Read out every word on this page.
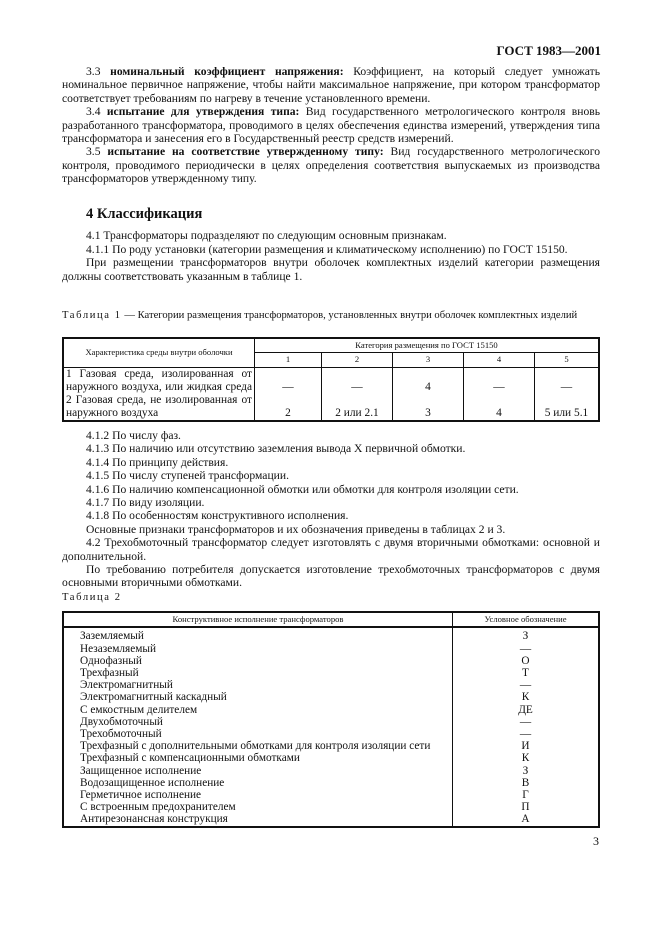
ГОСТ 1983—2001

3.3 номинальный коэффициент напряжения: Коэффициент, на который следует умножать номинальное первичное напряжение, чтобы найти максимальное напряжение, при котором трансформатор соответствует требованиям по нагреву в течение установленного времени.

3.4 испытание для утверждения типа: Вид государственного метрологического контроля вновь разработанного трансформатора, проводимого в целях обеспечения единства измерений, утверждения типа трансформатора и занесения его в Государственный реестр средств измерений.

3.5 испытание на соответствие утвержденному типу: Вид государственного метрологического контроля, проводимого периодически в целях определения соответствия выпускаемых из производства трансформаторов утвержденному типу.

4 Классификация

4.1 Трансформаторы подразделяют по следующим основным признакам.

4.1.1 По роду установки (категории размещения и климатическому исполнению) по ГОСТ 15150.

При размещении трансформаторов внутри оболочек комплектных изделий категории размещения должны соответствовать указанным в таблице 1.

Таблица 1 — Категории размещения трансформаторов, установленных внутри оболочек комплектных изделий
Характеристика среды внутри оболочки	Категория размещения по ГОСТ 15150				
	1	2	3	4	5
1 Газовая среда, изолированная от наружного воздуха, или жидкая среда	—	—	4	—	—
2 Газовая среда, не изолированная от наружного воздуха	2	2 или 2.1	3	4	5 или 5.1

4.1.2 По числу фаз.

4.1.3 По наличию или отсутствию заземления вывода Х первичной обмотки.

4.1.4 По принципу действия.

4.1.5 По числу ступеней трансформации.

4.1.6 По наличию компенсационной обмотки или обмотки для контроля изоляции сети.

4.1.7 По виду изоляции.

4.1.8 По особенностям конструктивного исполнения.

Основные признаки трансформаторов и их обозначения приведены в таблицах 2 и 3.

4.2 Трехобмоточный трансформатор следует изготовлять с двумя вторичными обмотками: основной и дополнительной.

По требованию потребителя допускается изготовление трехобмоточных трансформаторов с двумя основными вторичными обмотками.

Таблица 2
Конструктивное исполнение трансформаторов	Условное обозначение
Заземляемый	З
Незаземляемый	—
Однофазный	О
Трехфазный	Т
Электромагнитный	—
Электромагнитный каскадный	К
С емкостным делителем	ДЕ
Двухобмоточный	—
Трехобмоточный	—
Трехфазный с дополнительными обмотками для контроля изоляции сети	И
Трехфазный с компенсационными обмотками	К
Защищенное исполнение	З
Водозащищенное исполнение	В
Герметичное исполнение	Г
С встроенным предохранителем	П
Антирезонансная конструкция	А
3
